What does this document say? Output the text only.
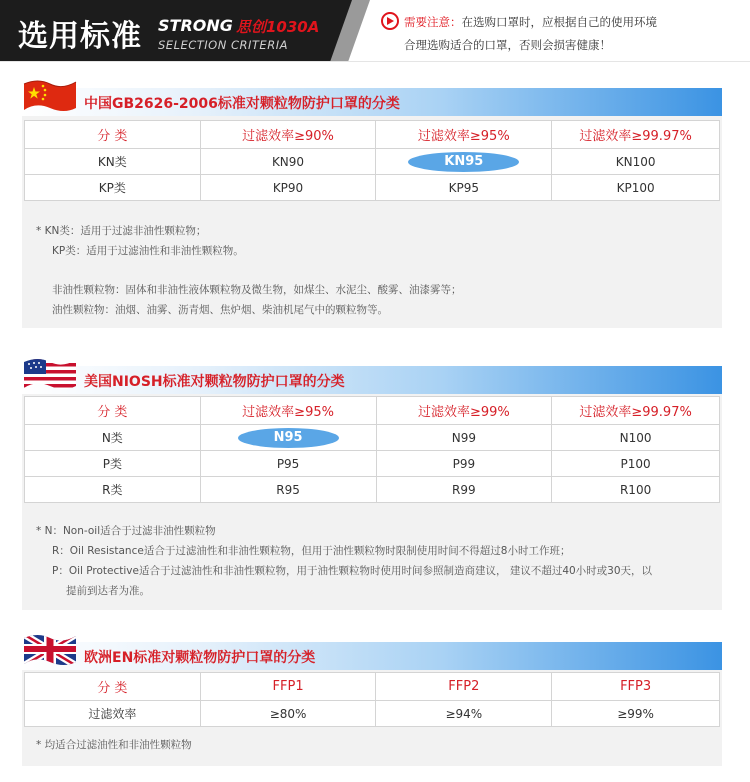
选用标准 STRONG 思创1030A
SELECTION CRITERIA
需要注意：在选购口罩时，应根据自己的使用环境
合理选购适合的口罩，否则会损害健康！
中国GB2626-2006标准对颗粒物防护口罩的分类
分 类	过滤效率≥90%	过滤效率≥95%	过滤效率≥99.97%
KN类	KN90	KN95	KN100
KP类	KP90	KP95	KP100
* KN类：适用于过滤非油性颗粒物；
KP类：适用于过滤油性和非油性颗粒物。
非油性颗粒物：固体和非油性液体颗粒物及微生物，如煤尘、水泥尘、酸雾、油漆雾等；
油性颗粒物：油烟、油雾、沥青烟、焦炉烟、柴油机尾气中的颗粒物等。
美国NIOSH标准对颗粒物防护口罩的分类
分 类	过滤效率≥95%	过滤效率≥99%	过滤效率≥99.97%
N类	N95	N99	N100
P类	P95	P99	P100
R类	R95	R99	R100
* N：Non-oil适合于过滤非油性颗粒物
R：Oil Resistance适合于过滤油性和非油性颗粒物，但用于油性颗粒物时限制使用时间不得超过8小时工作班；
P：Oil Protective适合于过滤油性和非油性颗粒物，用于油性颗粒物时使用时间参照制造商建议， 建议不超过40小时或30天，以
提前到达者为准。
欧洲EN标准对颗粒物防护口罩的分类
分 类	FFP1	FFP2	FFP3
过滤效率	≥80%	≥94%	≥99%
* 均适合过滤油性和非油性颗粒物
